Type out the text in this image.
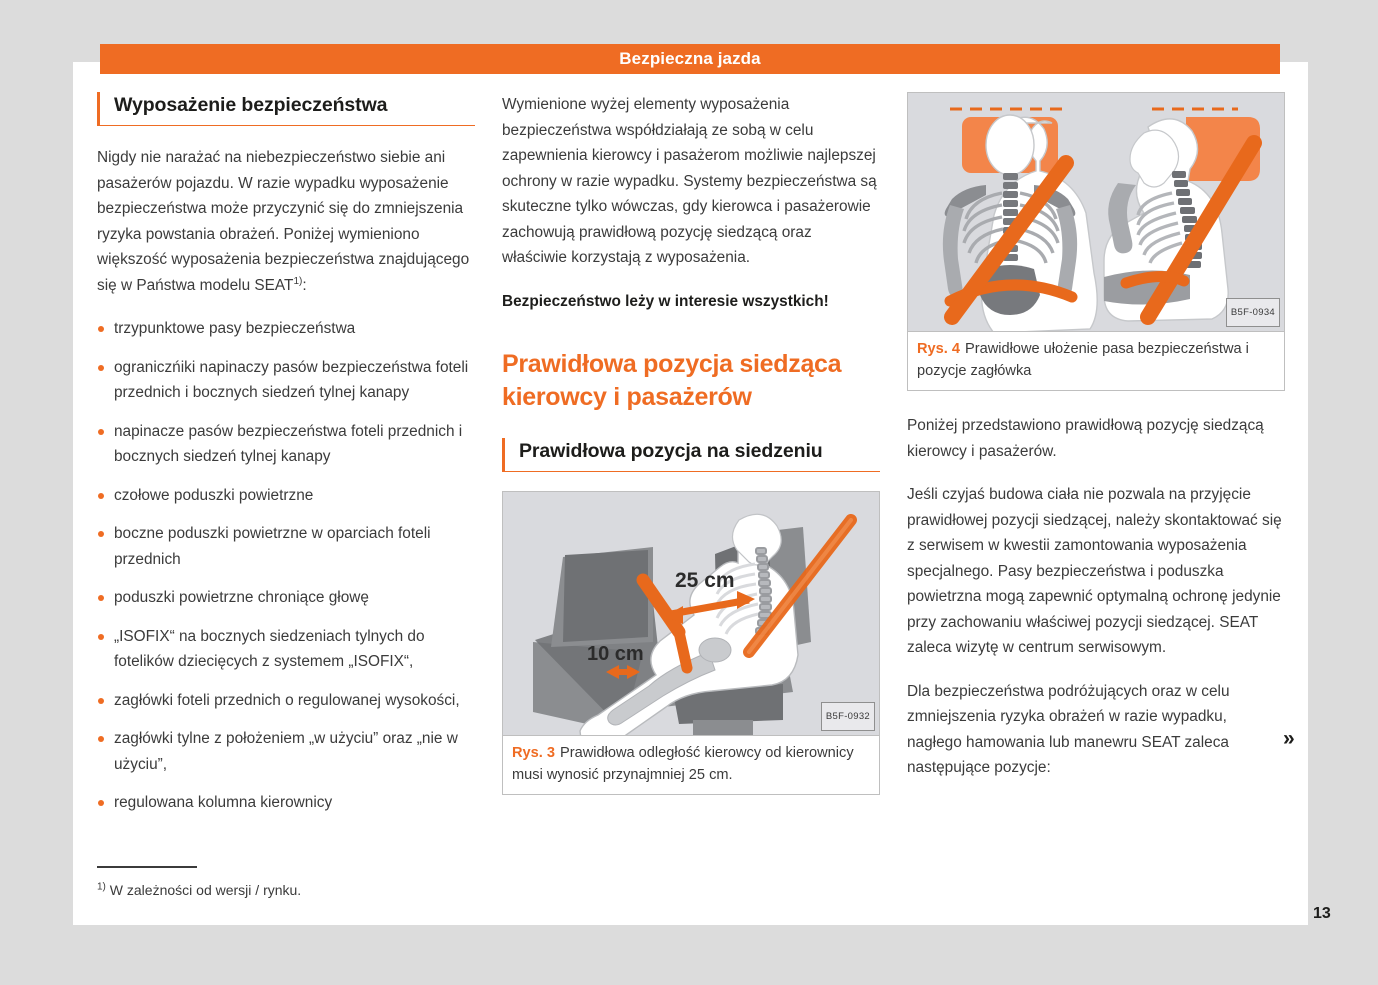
Bezpieczna jazda
Wyposażenie bezpieczeństwa

Nigdy nie narażać na niebezpieczeństwo siebie ani pasażerów pojazdu. W razie wypadku wyposażenie bezpieczeństwa może przyczynić się do zmniejszenia ryzyka powstania obrażeń. Poniżej wymieniono większość wyposażenia bezpieczeństwa znajdującego się w Państwa modelu SEAT$^{1)}$:

trzypunktowe pasy bezpieczeństwa
ograniczńiki napinaczy pasów bezpieczeństwa foteli przednich i bocznych siedzeń tylnej kanapy
napinacze pasów bezpieczeństwa foteli przednich i bocznych siedzeń tylnej kanapy
czołowe poduszki powietrzne
boczne poduszki powietrzne w oparciach foteli przednich
poduszki powietrzne chroniące głowę
„ISOFIX“ na bocznych siedzeniach tylnych do fotelików dziecięcych z systemem „ISOFIX“,
zagłówki foteli przednich o regulowanej wysokości,
zagłówki tylne z położeniem „w użyciu” oraz „nie w użyciu”,
regulowana kolumna kierownicy
$^{1)}$ W zależności od wersji / rynku.

Wymienione wyżej elementy wyposażenia bezpieczeństwa współdziałają ze sobą w celu zapewnienia kierowcy i pasażerom możliwie najlepszej ochrony w razie wypadku. Systemy bezpieczeństwa są skuteczne tylko wówczas, gdy kierowca i pasażerowie zachowują prawidłową pozycję siedzącą oraz właściwie korzystają z wyposażenia.

Bezpieczeństwo leży w interesie wszystkich!

Prawidłowa pozycja siedząca kierowcy i pasażerów
Prawidłowa pozycja na siedzeniu
25 cm
10 cm
B5F-0932
Rys. 3 Prawidłowa odległość kierowcy od kierownicy musi wynosić przynajmniej 25 cm.
B5F-0934
Rys. 4 Prawidłowe ułożenie pasa bezpieczeństwa i pozycje zagłówka

Poniżej przedstawiono prawidłową pozycję siedzącą kierowcy i pasażerów.

Jeśli czyjaś budowa ciała nie pozwala na przyjęcie prawidłowej pozycji siedzącej, należy skontaktować się z serwisem w kwestii zamontowania wyposażenia specjalnego. Pasy bezpieczeństwa i poduszka powietrzna mogą zapewnić optymalną ochronę jedynie przy zachowaniu właściwej pozycji siedzącej. SEAT zaleca wizytę w centrum serwisowym.

Dla bezpieczeństwa podróżujących oraz w celu zmniejszenia ryzyka obrażeń w razie wypadku, nagłego hamowania lub manewru SEAT zaleca następujące pozycje:

»
13
